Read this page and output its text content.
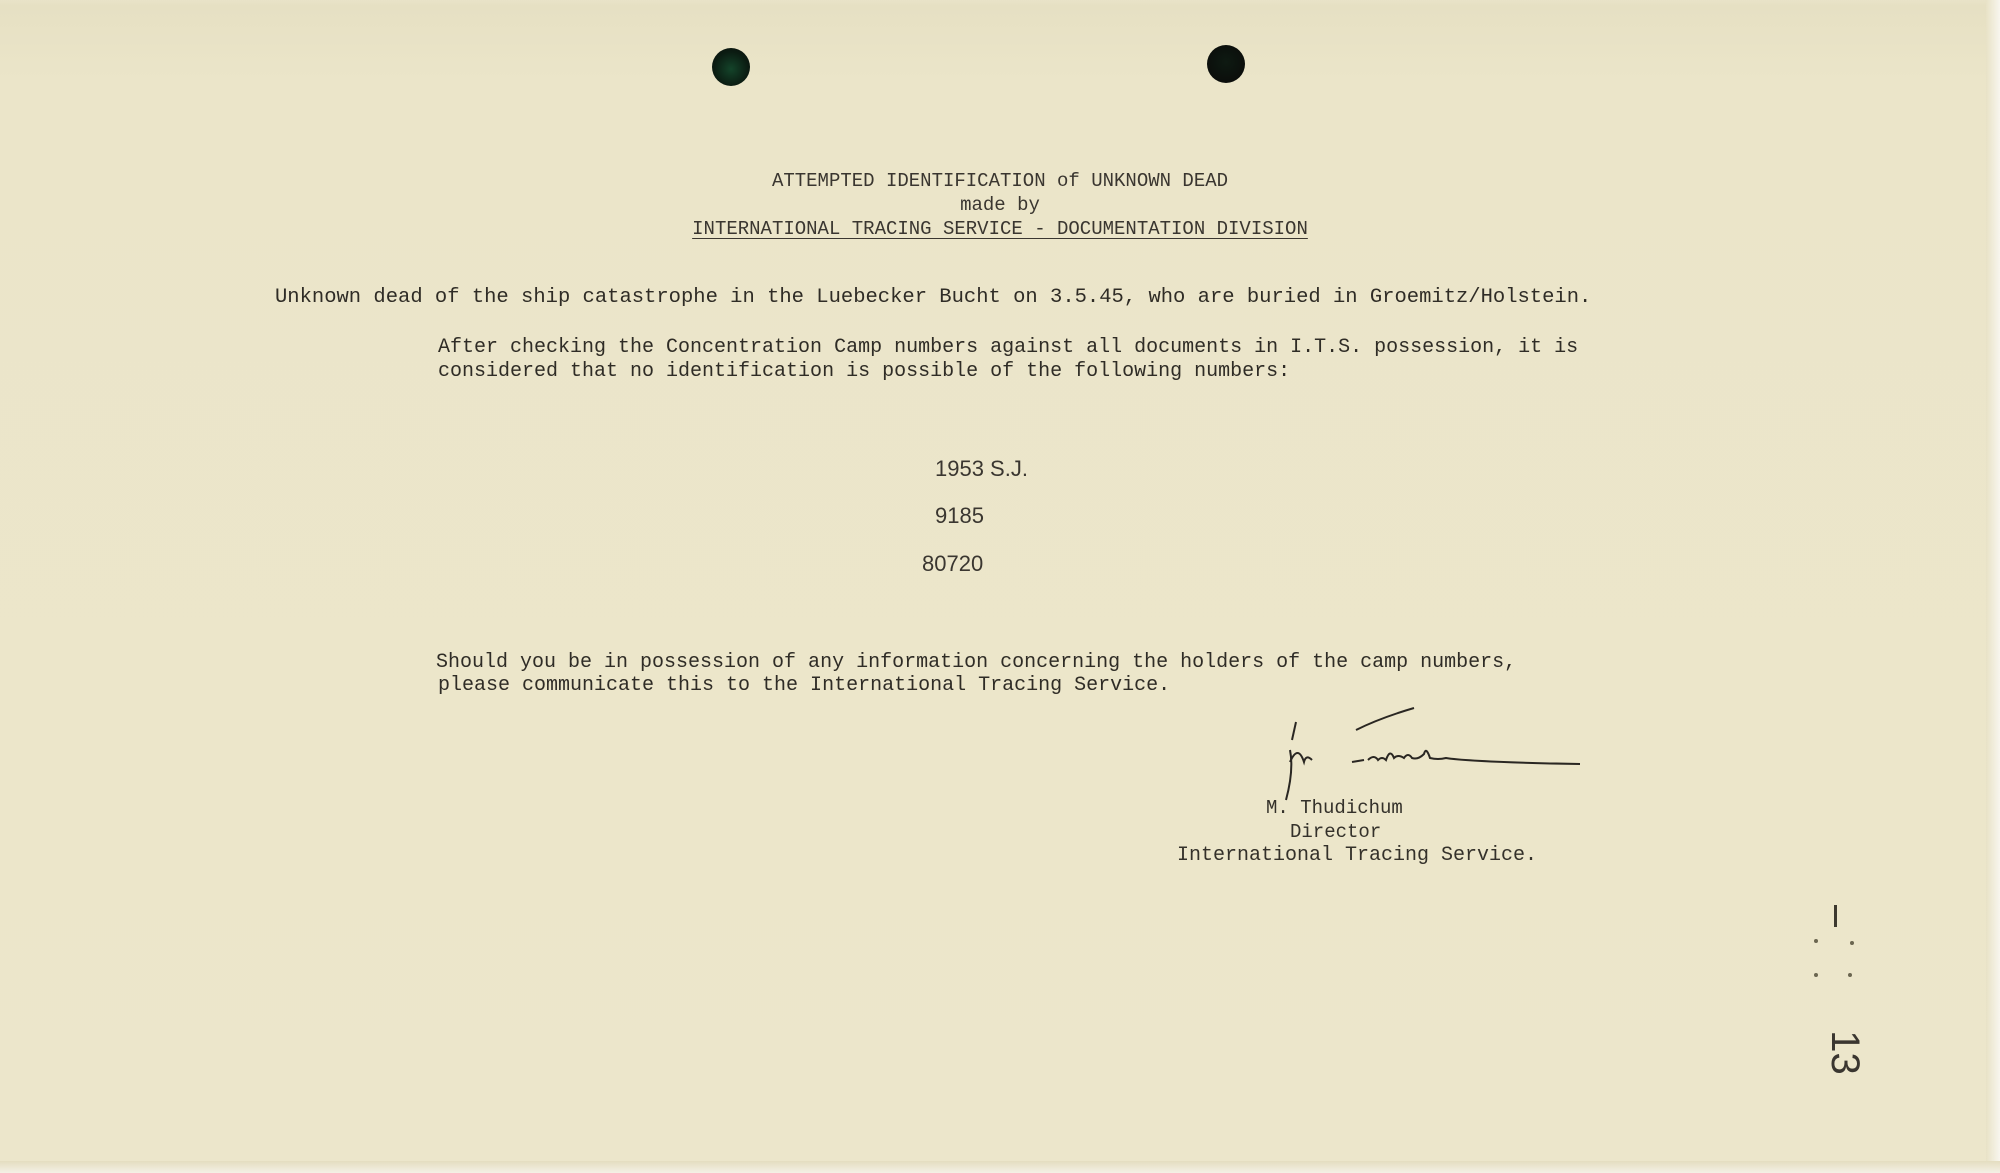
ATTEMPTED IDENTIFICATION of UNKNOWN DEAD
made by
INTERNATIONAL TRACING SERVICE - DOCUMENTATION DIVISION
Unknown dead of the ship catastrophe in the Luebecker Bucht on 3.5.45, who are buried in Groemitz/Holstein.
After checking the Concentration Camp numbers against all documents in I.T.S. possession, it is
considered that no identification is possible of the following numbers:
1953 S.J.
9185
80720
Should you be in possession of any information concerning the holders of the camp numbers,
please communicate this to the International Tracing Service.
M. Thudichum
Director
International Tracing Service.
13
